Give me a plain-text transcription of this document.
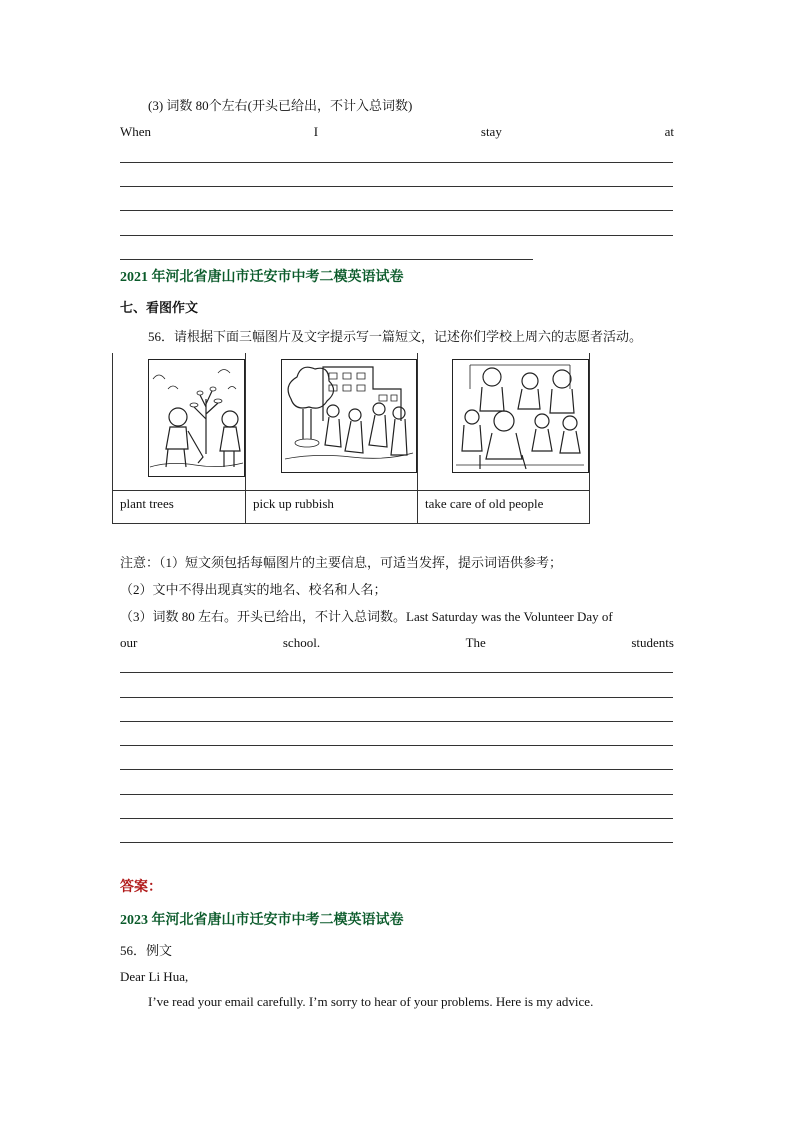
(3) 词数 80个左右(开头已给出，不计入总词数)
When	I	stay	at
2021 年河北省唐山市迁安市中考二模英语试卷
七、看图作文
56．请根据下面三幅图片及文字提示写一篇短文，记述你们学校上周六的志愿者活动。
plant trees	pick up rubbish	take care of old people
注意：（1）短文须包括每幅图片的主要信息，可适当发挥，提示词语供参考；
（2）文中不得出现真实的地名、校名和人名；
（3）词数 80 左右。开头已给出，不计入总词数。Last Saturday was the Volunteer Day of
our	school.	The	students
答案：
2023 年河北省唐山市迁安市中考二模英语试卷
56．例文
Dear Li Hua,
I’ve read your email carefully. I’m sorry to hear of your problems. Here is my advice.
